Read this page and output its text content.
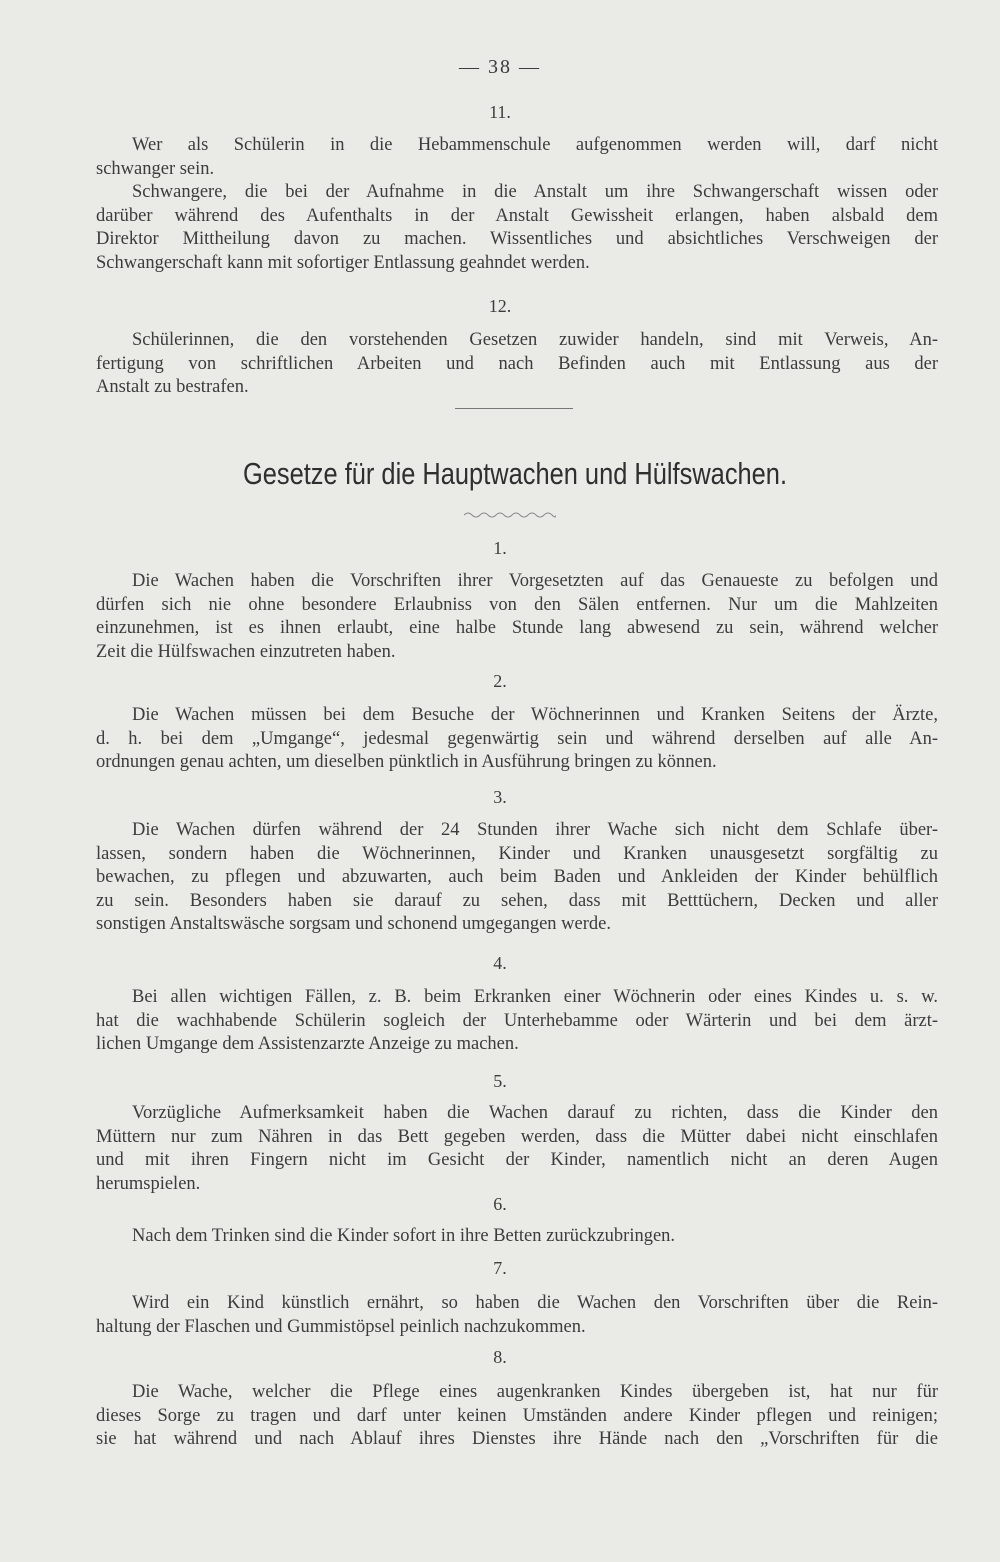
— 38 —
11.
Wer als Schülerin in die Hebammenschule aufgenommen werden will, darf nicht
schwanger sein.
Schwangere, die bei der Aufnahme in die Anstalt um ihre Schwangerschaft wissen oder
darüber während des Aufenthalts in der Anstalt Gewissheit erlangen, haben alsbald dem
Direktor Mittheilung davon zu machen. Wissentliches und absichtliches Verschweigen der
Schwangerschaft kann mit sofortiger Entlassung geahndet werden.
12.
Schülerinnen, die den vorstehenden Gesetzen zuwider handeln, sind mit Verweis, An-
fertigung von schriftlichen Arbeiten und nach Befinden auch mit Entlassung aus der
Anstalt zu bestrafen.
Gesetze für die Hauptwachen und Hülfswachen.
1.
Die Wachen haben die Vorschriften ihrer Vorgesetzten auf das Genaueste zu befolgen und
dürfen sich nie ohne besondere Erlaubniss von den Sälen entfernen. Nur um die Mahlzeiten
einzunehmen, ist es ihnen erlaubt, eine halbe Stunde lang abwesend zu sein, während welcher
Zeit die Hülfswachen einzutreten haben.
2.
Die Wachen müssen bei dem Besuche der Wöchnerinnen und Kranken Seitens der Ärzte,
d. h. bei dem „Umgange“, jedesmal gegenwärtig sein und während derselben auf alle An-
ordnungen genau achten, um dieselben pünktlich in Ausführung bringen zu können.
3.
Die Wachen dürfen während der 24 Stunden ihrer Wache sich nicht dem Schlafe über-
lassen, sondern haben die Wöchnerinnen, Kinder und Kranken unausgesetzt sorgfältig zu
bewachen, zu pflegen und abzuwarten, auch beim Baden und Ankleiden der Kinder behülflich
zu sein. Besonders haben sie darauf zu sehen, dass mit Betttüchern, Decken und aller
sonstigen Anstaltswäsche sorgsam und schonend umgegangen werde.
4.
Bei allen wichtigen Fällen, z. B. beim Erkranken einer Wöchnerin oder eines Kindes u. s. w.
hat die wachhabende Schülerin sogleich der Unterhebamme oder Wärterin und bei dem ärzt-
lichen Umgange dem Assistenzarzte Anzeige zu machen.
5.
Vorzügliche Aufmerksamkeit haben die Wachen darauf zu richten, dass die Kinder den
Müttern nur zum Nähren in das Bett gegeben werden, dass die Mütter dabei nicht einschlafen
und mit ihren Fingern nicht im Gesicht der Kinder, namentlich nicht an deren Augen
herumspielen.
6.
Nach dem Trinken sind die Kinder sofort in ihre Betten zurückzubringen.
7.
Wird ein Kind künstlich ernährt, so haben die Wachen den Vorschriften über die Rein-
haltung der Flaschen und Gummistöpsel peinlich nachzukommen.
8.
Die Wache, welcher die Pflege eines augenkranken Kindes übergeben ist, hat nur für
dieses Sorge zu tragen und darf unter keinen Umständen andere Kinder pflegen und reinigen;
sie hat während und nach Ablauf ihres Dienstes ihre Hände nach den „Vorschriften für die
